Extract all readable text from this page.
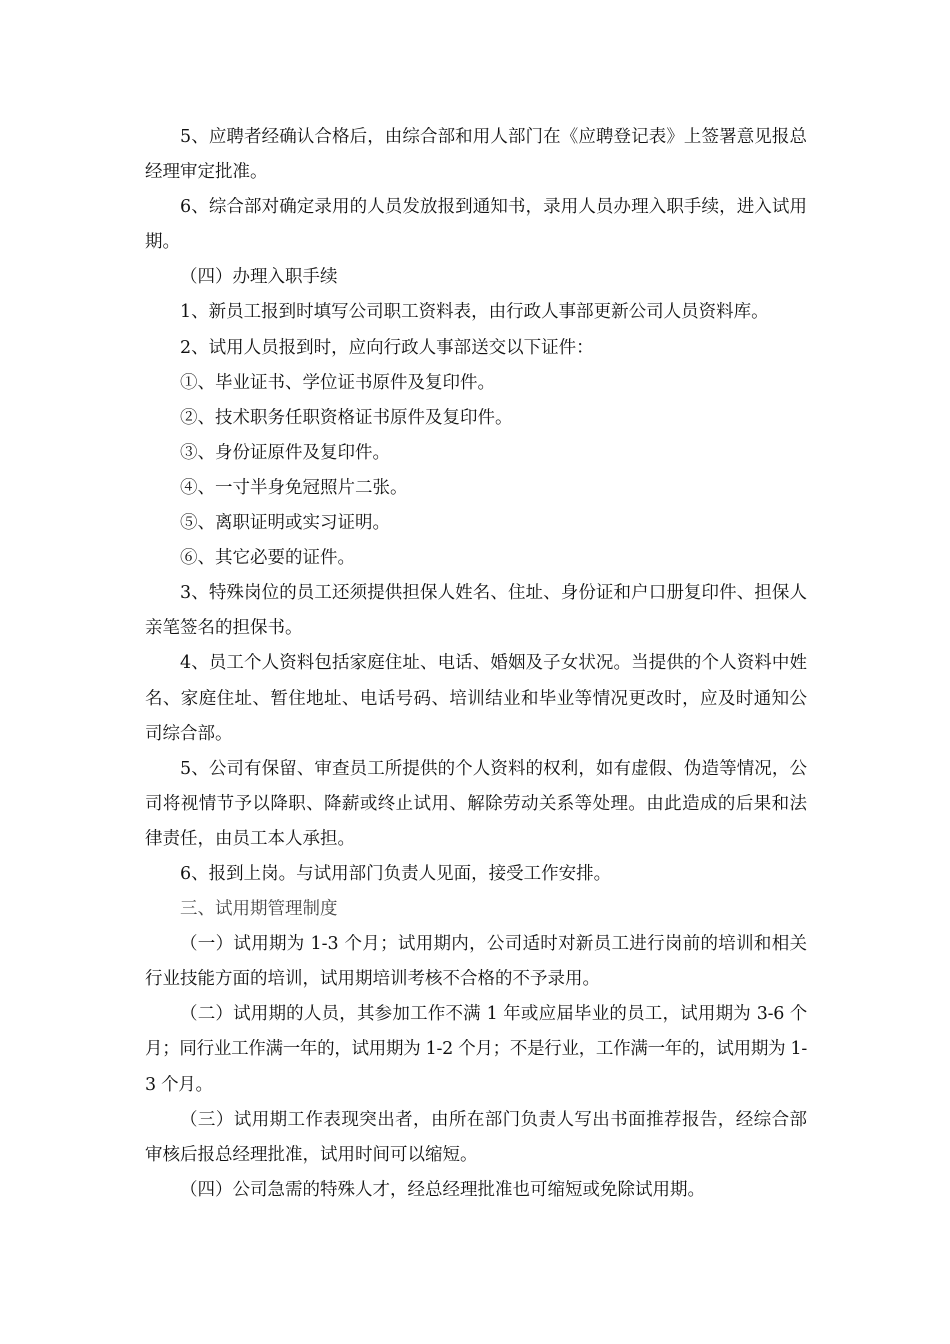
5、应聘者经确认合格后，由综合部和用人部门在《应聘登记表》上签署意见报总经理审定批准。

6、综合部对确定录用的人员发放报到通知书，录用人员办理入职手续，进入试用期。

（四）办理入职手续

1、新员工报到时填写公司职工资料表，由行政人事部更新公司人员资料库。

2、试用人员报到时，应向行政人事部送交以下证件：

①、毕业证书、学位证书原件及复印件。

②、技术职务任职资格证书原件及复印件。

③、身份证原件及复印件。

④、一寸半身免冠照片二张。

⑤、离职证明或实习证明。

⑥、其它必要的证件。

3、特殊岗位的员工还须提供担保人姓名、住址、身份证和户口册复印件、担保人亲笔签名的担保书。

4、员工个人资料包括家庭住址、电话、婚姻及子女状况。当提供的个人资料中姓名、家庭住址、暂住地址、电话号码、培训结业和毕业等情况更改时，应及时通知公司综合部。

5、公司有保留、审查员工所提供的个人资料的权利，如有虚假、伪造等情况，公司将视情节予以降职、降薪或终止试用、解除劳动关系等处理。由此造成的后果和法律责任，由员工本人承担。

6、报到上岗。与试用部门负责人见面，接受工作安排。

三、试用期管理制度

（一）试用期为 1-3 个月；试用期内，公司适时对新员工进行岗前的培训和相关行业技能方面的培训，试用期培训考核不合格的不予录用。

（二）试用期的人员，其参加工作不满 1 年或应届毕业的员工，试用期为 3-6 个月；同行业工作满一年的，试用期为 1-2 个月；不是行业，工作满一年的，试用期为 1-3 个月。

（三）试用期工作表现突出者，由所在部门负责人写出书面推荐报告，经综合部审核后报总经理批准，试用时间可以缩短。

（四）公司急需的特殊人才，经总经理批准也可缩短或免除试用期。
